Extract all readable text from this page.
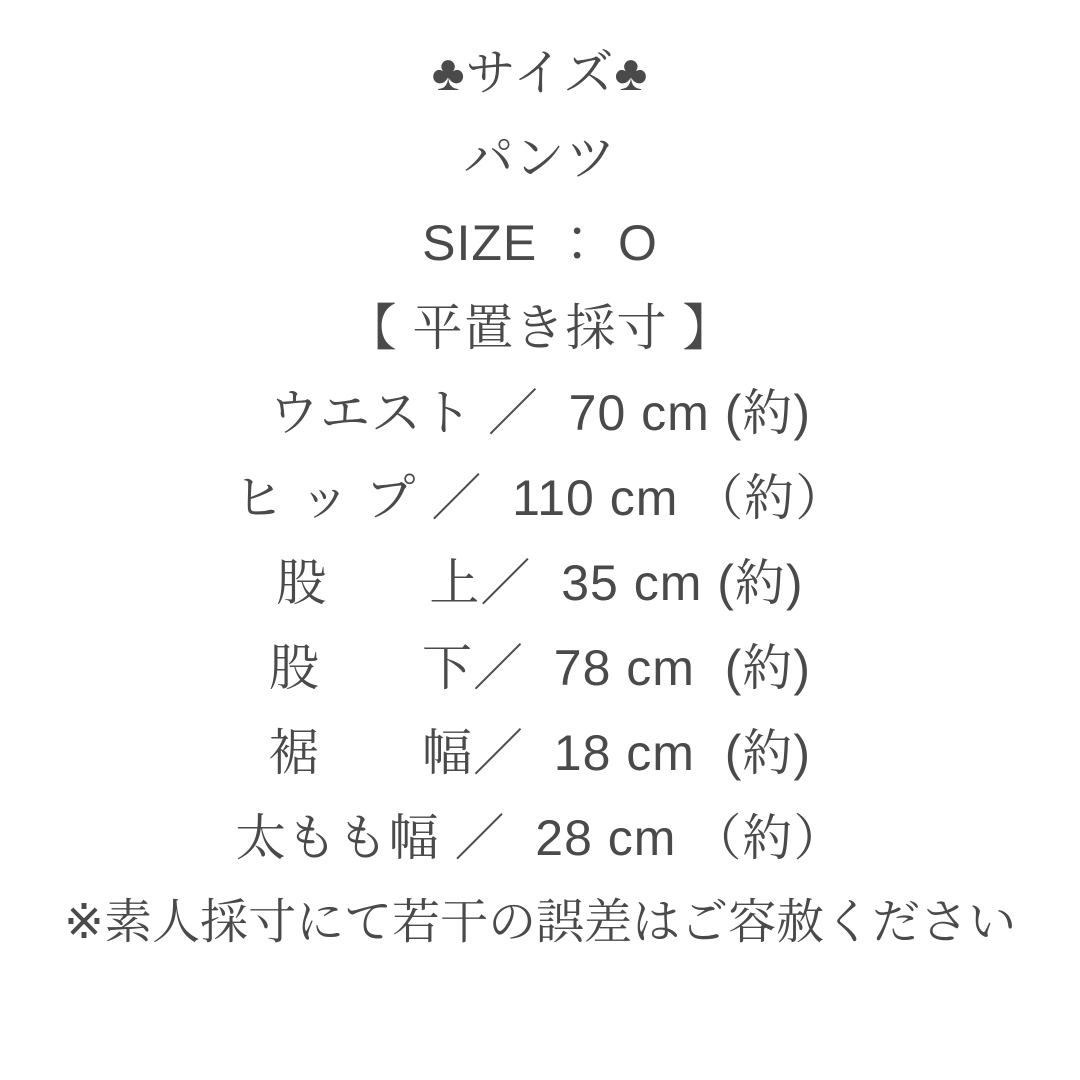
♣サイズ♣
パンツ
SIZE ： O
【 平置き採寸 】
ウエスト ／  70 cm (約)
ヒ ッ プ ／  110 cm （約）
股　　上／  35 cm (約)
股　　下／  78 cm  (約)
裾　　幅／  18 cm  (約)
太もも幅 ／  28 cm （約）
※素人採寸にて若干の誤差はご容赦ください
